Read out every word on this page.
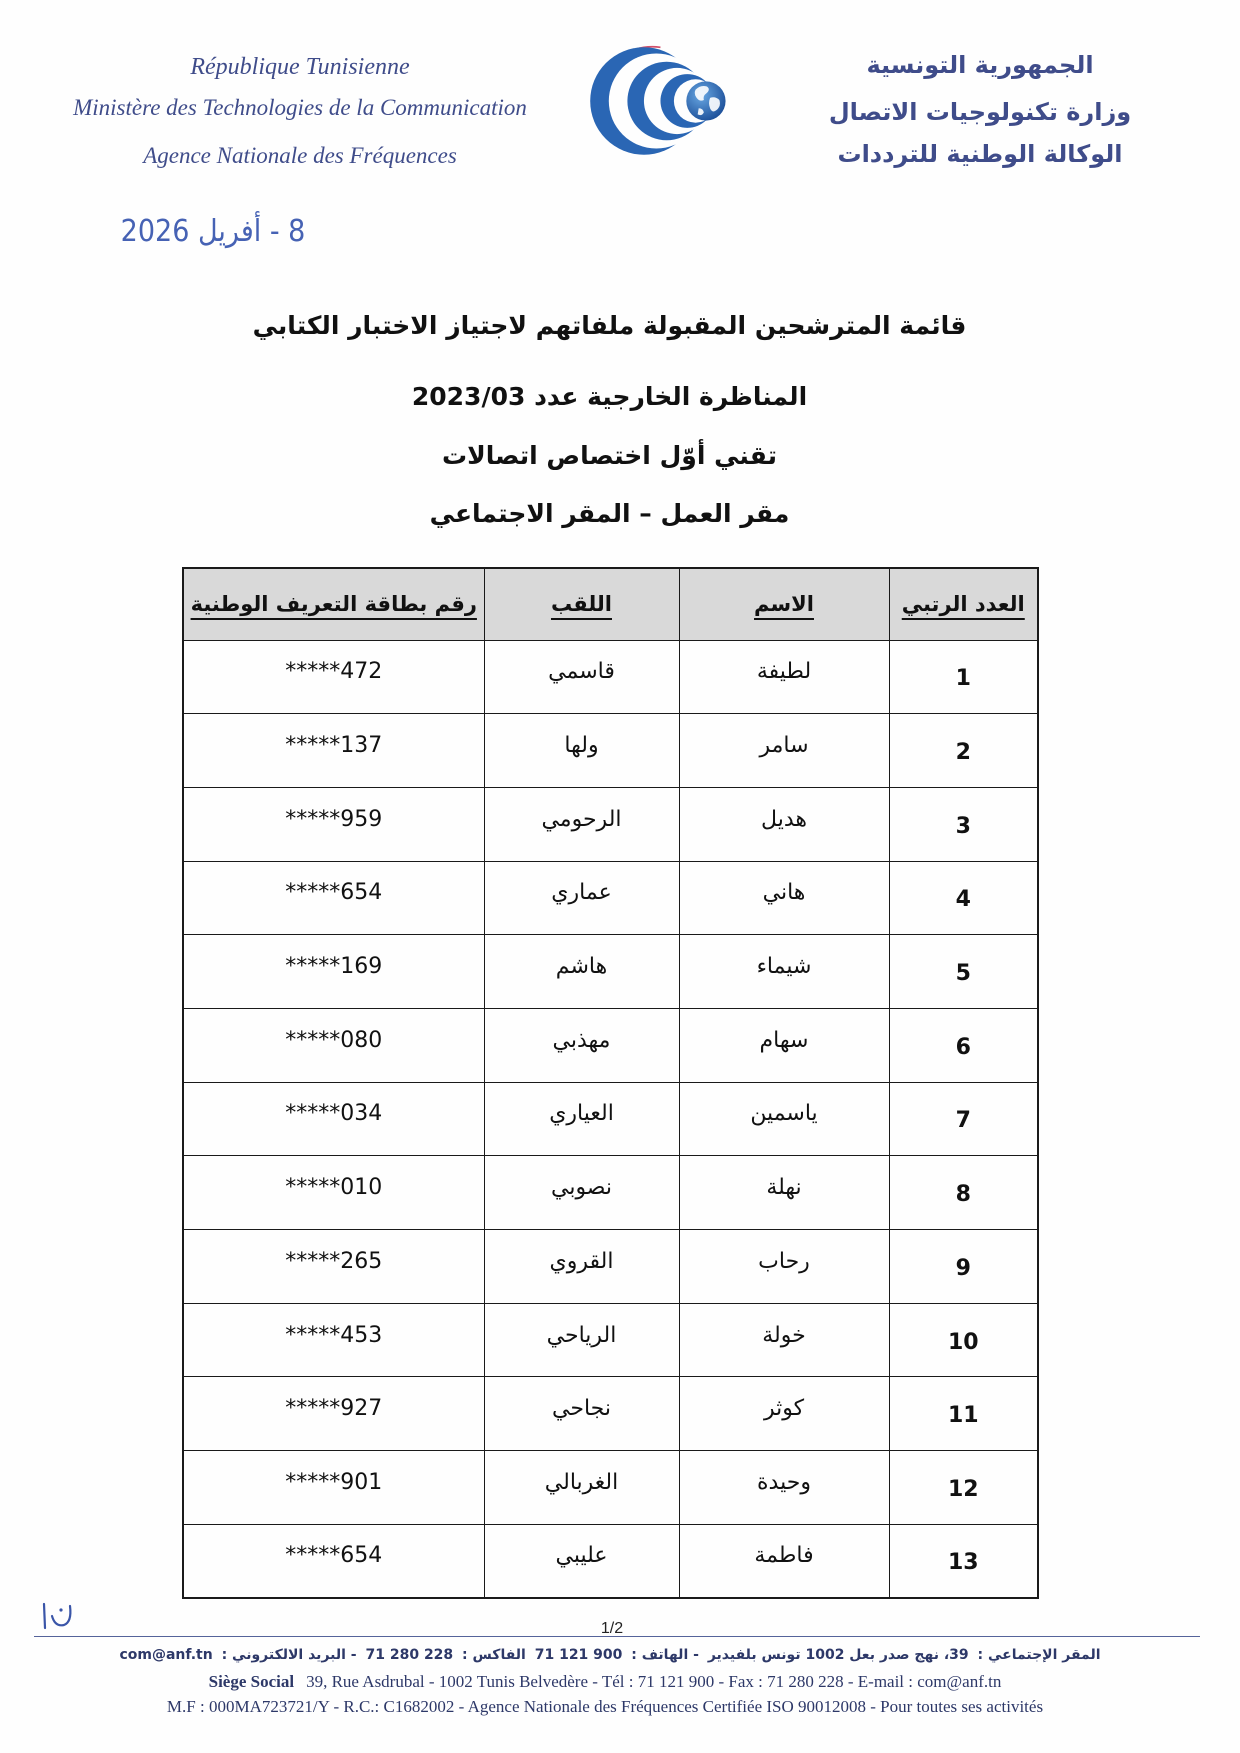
République Tunisienne
Ministère des Technologies de la Communication
Agence Nationale des Fréquences
الجمهورية التونسية
وزارة تكنولوجيات الاتصال
الوكالة الوطنية للترددات
8 - أفريل 2026
قائمة المترشحين المقبولة ملفاتهم لاجتياز الاختبار الكتابي
المناظرة الخارجية عدد 2023/03
تقني أوّل اختصاص اتصالات
مقر العمل – المقر الاجتماعي
العدد الرتبي	الاسم	اللقب	رقم بطاقة التعريف الوطنية
1	لطيفة	قاسمي	*****472
2	سامر	ولها	*****137
3	هديل	الرحومي	*****959
4	هاني	عماري	*****654
5	شيماء	هاشم	*****169
6	سهام	مهذبي	*****080
7	ياسمين	العياري	*****034
8	نهلة	نصوبي	*****010
9	رحاب	القروي	*****265
10	خولة	الرياحي	*****453
11	كوثر	نجاحي	*****927
12	وحيدة	الغربالي	*****901
13	فاطمة	عليبي	*****654
1/2
المقر الإجتماعي : 39، نهج صدر بعل 1002 تونس بلفيدير - الهاتف : 71 121 900 الفاكس : 71 280 228 - البريد الالكتروني : com@anf.tn
Siège Social 39, Rue Asdrubal - 1002 Tunis Belvedère - Tél : 71 121 900 - Fax : 71 280 228 - E-mail : com@anf.tn
M.F : 000MA723721/Y - R.C.: C1682002 - Agence Nationale des Fréquences Certifiée ISO 90012008 - Pour toutes ses activités
